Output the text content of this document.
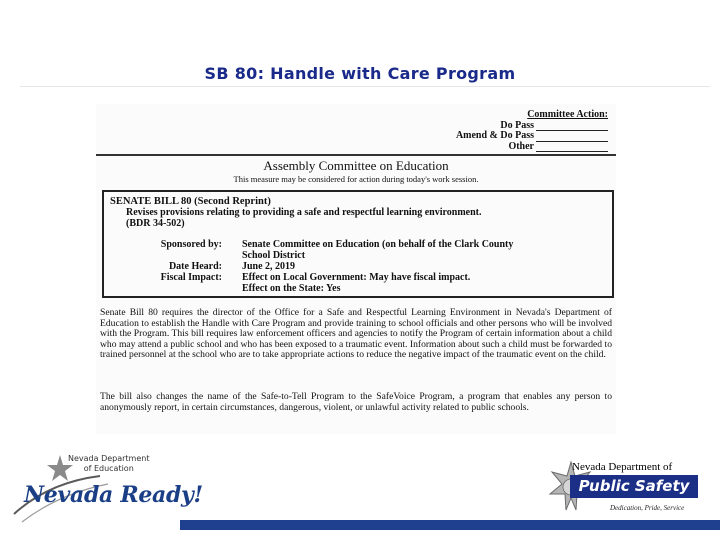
SB 80: Handle with Care Program
Committee Action:
Do Pass
Amend & Do Pass
Other
Assembly Committee on Education
This measure may be considered for action during today's work session.
SENATE BILL 80 (Second Reprint)
Revises provisions relating to providing a safe and respectful learning environment.
(BDR 34-502)
Sponsored by: Senate Committee on Education (on behalf of the Clark County
School District
Date Heard: June 2, 2019
Fiscal Impact: Effect on Local Government: May have fiscal impact.
Effect on the State: Yes
Senate Bill 80 requires the director of the Office for a Safe and Respectful Learning Environment in Nevada's Department of Education to establish the Handle with Care Program and provide training to school officials and other persons who will be involved with the Program. This bill requires law enforcement officers and agencies to notify the Program of certain information about a child who may attend a public school and who has been exposed to a traumatic event. Information about such a child must be forwarded to trained personnel at the school who are to take appropriate actions to reduce the negative impact of the traumatic event on the child.
The bill also changes the name of the Safe-to-Tell Program to the SafeVoice Program, a program that enables any person to anonymously report, in certain circumstances, dangerous, violent, or unlawful activity related to public schools.
Nevada Department
of Education
Nevada Ready!
Nevada Department of
Public Safety
Dedication, Pride, Service
